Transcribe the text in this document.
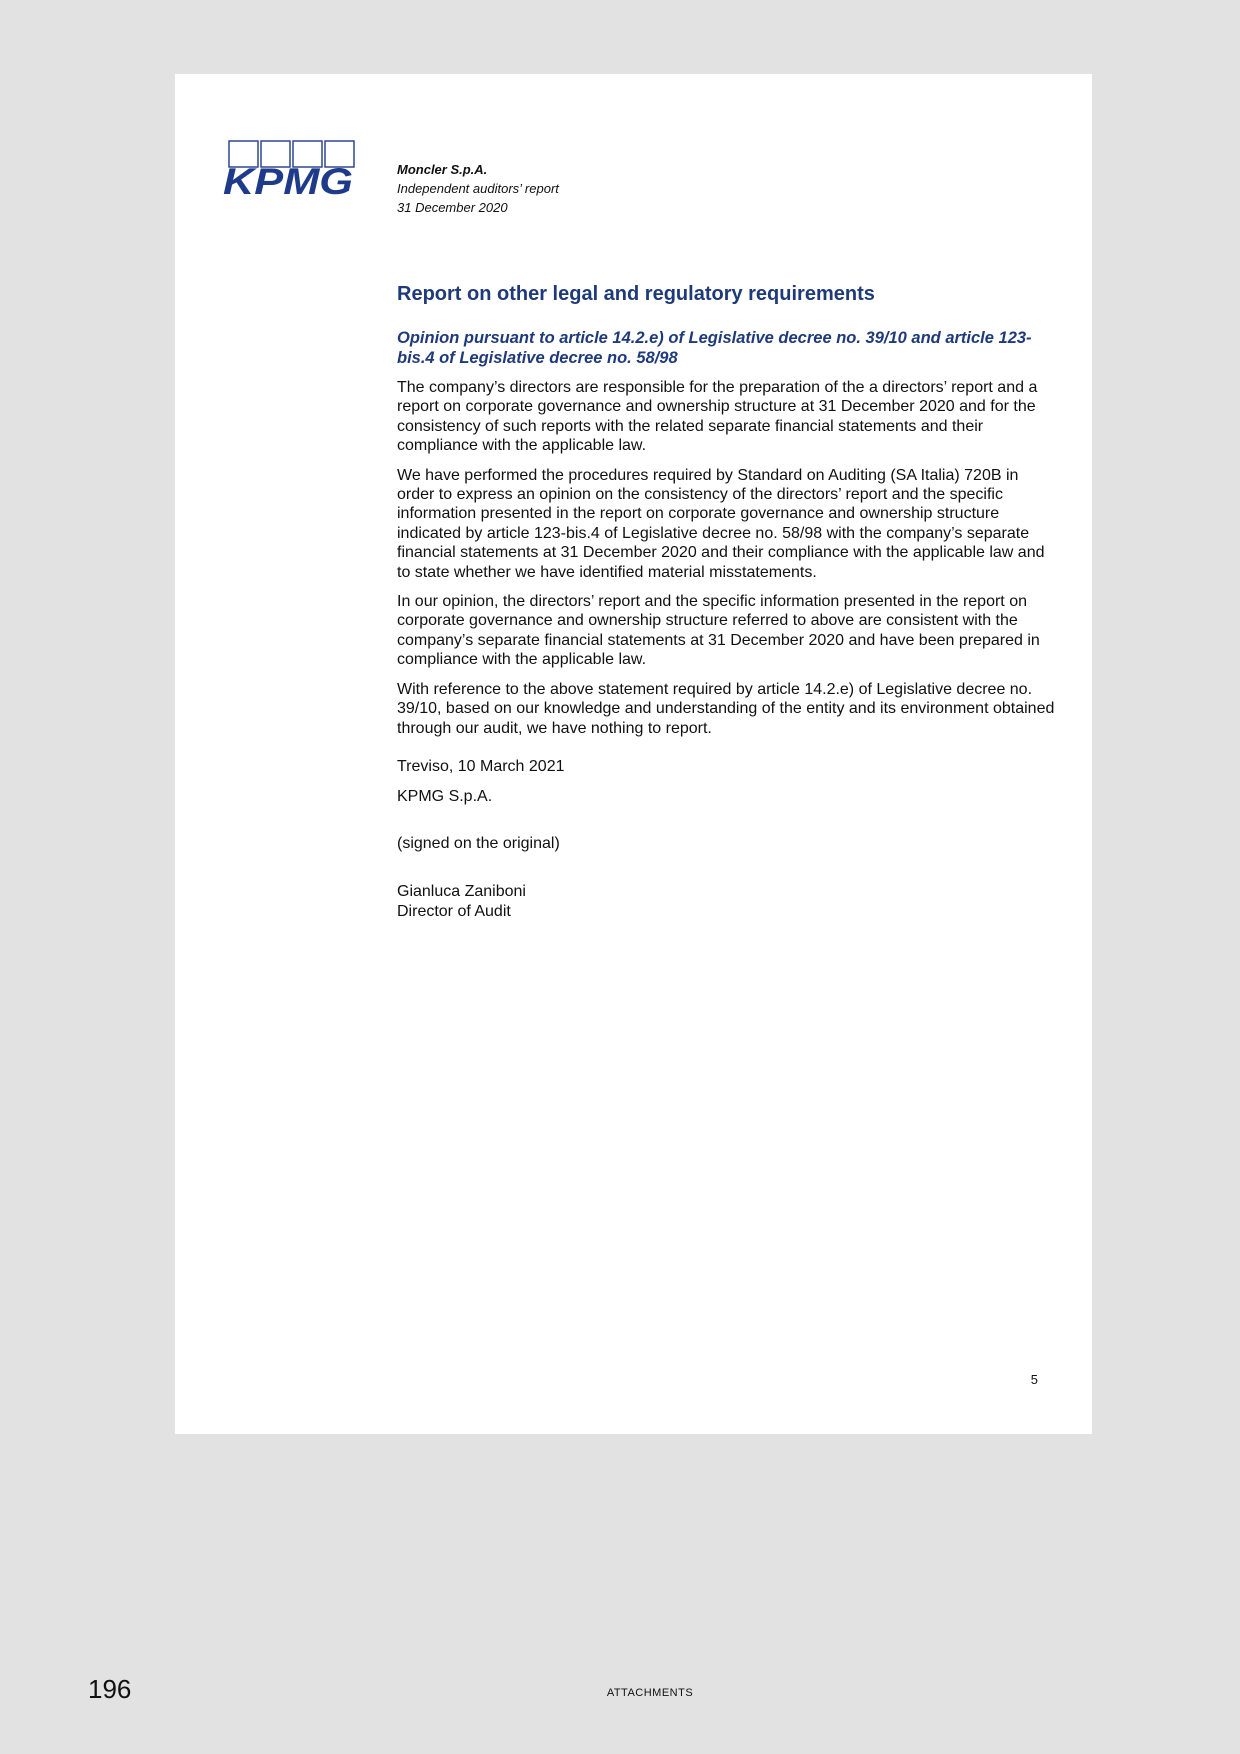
KPMG	Moncler S.p.A.
Independent auditors’ report
31 December 2020
Report on other legal and regulatory requirements
Opinion pursuant to article 14.2.e) of Legislative decree no. 39/10 and article 123-bis.4 of Legislative decree no. 58/98

The company’s directors are responsible for the preparation of the a directors’ report and a report on corporate governance and ownership structure at 31 December 2020 and for the consistency of such reports with the related separate financial statements and their compliance with the applicable law.

We have performed the procedures required by Standard on Auditing (SA Italia) 720B in order to express an opinion on the consistency of the directors’ report and the specific information presented in the report on corporate governance and ownership structure indicated by article 123-bis.4 of Legislative decree no. 58/98 with the company’s separate financial statements at 31 December 2020 and their compliance with the applicable law and to state whether we have identified material misstatements.

In our opinion, the directors’ report and the specific information presented in the report on corporate governance and ownership structure referred to above are consistent with the company’s separate financial statements at 31 December 2020 and have been prepared in compliance with the applicable law.

With reference to the above statement required by article 14.2.e) of Legislative decree no. 39/10, based on our knowledge and understanding of the entity and its environment obtained through our audit, we have nothing to report.

Treviso, 10 March 2021
KPMG S.p.A.
(signed on the original)
Gianluca Zaniboni
Director of Audit
5
196	ATTACHMENTS
